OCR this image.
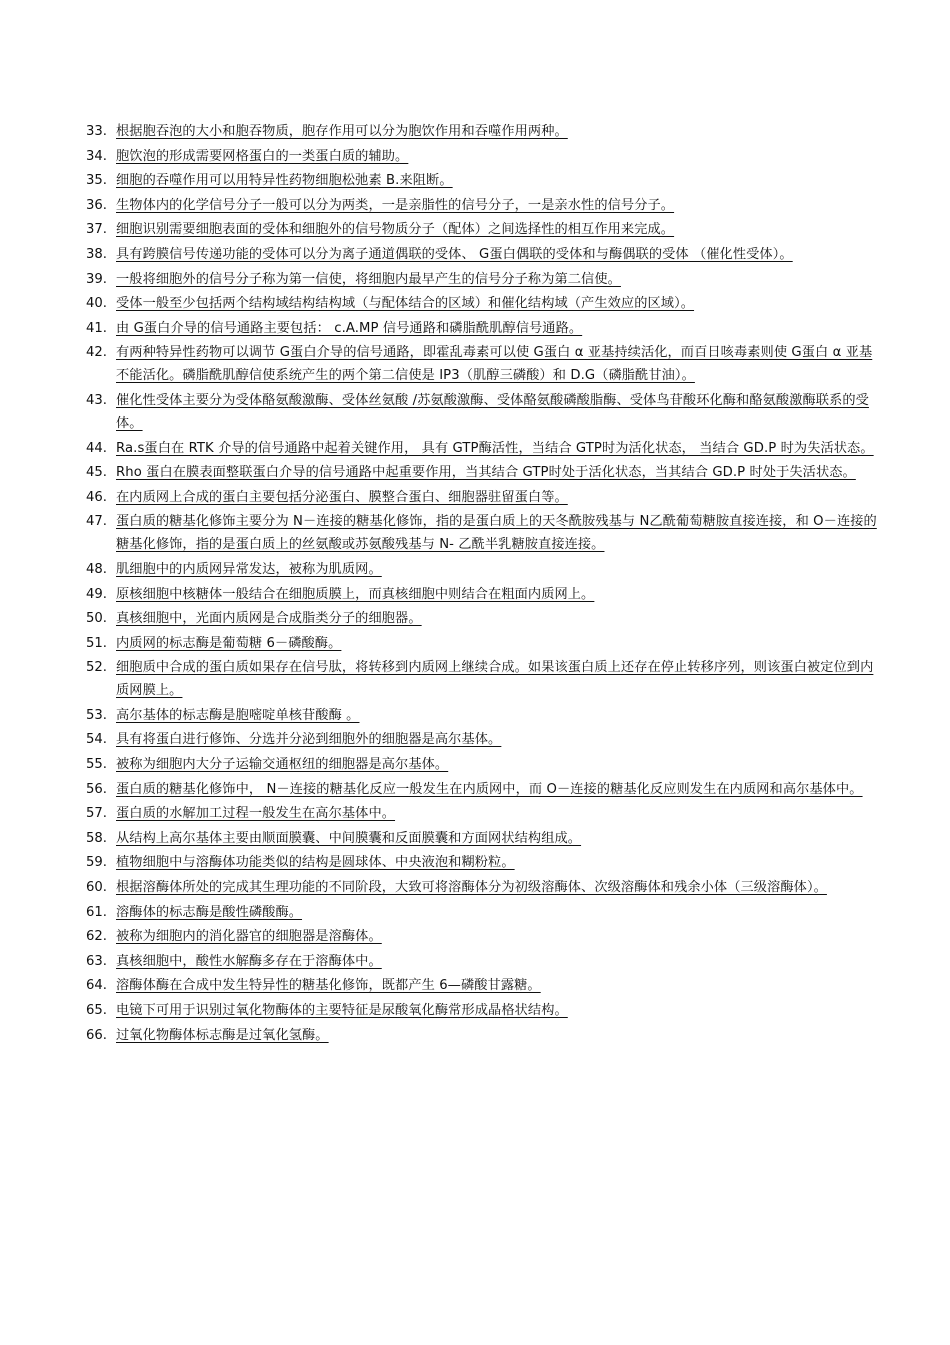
33. 根据胞吞泡的大小和胞吞物质，胞存作用可以分为胞饮作用和吞噬作用两种。
34. 胞饮泡的形成需要网格蛋白的一类蛋白质的辅助。
35. 细胞的吞噬作用可以用特异性药物细胞松弛素 B.来阻断。
36. 生物体内的化学信号分子一般可以分为两类，一是亲脂性的信号分子，一是亲水性的信号分子。
37. 细胞识别需要细胞表面的受体和细胞外的信号物质分子（配体）之间选择性的相互作用来完成。
38. 具有跨膜信号传递功能的受体可以分为离子通道偶联的受体、 G蛋白偶联的受体和与酶偶联的受体 （催化性受体）。
39. 一般将细胞外的信号分子称为第一信使，将细胞内最早产生的信号分子称为第二信使。
40. 受体一般至少包括两个结构域结构结构域（与配体结合的区域）和催化结构域（产生效应的区域）。
41. 由 G蛋白介导的信号通路主要包括： c.A.MP 信号通路和磷脂酰肌醇信号通路。
42. 有两种特异性药物可以调节 G蛋白介导的信号通路，即霍乱毒素可以使 G蛋白 α 亚基持续活化，而百日咳毒素则使 G蛋白 α 亚基不能活化。磷脂酰肌醇信使系统产生的两个第二信使是 IP3（肌醇三磷酸）和 D.G（磷脂酰甘油）。
43. 催化性受体主要分为受体酪氨酸激酶、受体丝氨酸 /苏氨酸激酶、受体酪氨酸磷酸脂酶、受体鸟苷酸环化酶和酪氨酸激酶联系的受体。
44. Ra.s蛋白在 RTK 介导的信号通路中起着关键作用， 具有 GTP酶活性，当结合 GTP时为活化状态， 当结合 GD.P 时为失活状态。
45. Rho 蛋白在膜表面整联蛋白介导的信号通路中起重要作用，当其结合 GTP时处于活化状态，当其结合 GD.P 时处于失活状态。
46. 在内质网上合成的蛋白主要包括分泌蛋白、膜整合蛋白、细胞器驻留蛋白等。
47. 蛋白质的糖基化修饰主要分为 N－连接的糖基化修饰，指的是蛋白质上的天冬酰胺残基与 N乙酰葡萄糖胺直接连接，和 O－连接的糖基化修饰，指的是蛋白质上的丝氨酸或苏氨酸残基与 N- 乙酰半乳糖胺直接连接。
48. 肌细胞中的内质网异常发达，被称为肌质网。
49. 原核细胞中核糖体一般结合在细胞质膜上，而真核细胞中则结合在粗面内质网上。
50. 真核细胞中，光面内质网是合成脂类分子的细胞器。
51. 内质网的标志酶是葡萄糖 6－磷酸酶。
52. 细胞质中合成的蛋白质如果存在信号肽，将转移到内质网上继续合成。如果该蛋白质上还存在停止转移序列，则该蛋白被定位到内质网膜上。
53. 高尔基体的标志酶是胞嘧啶单核苷酸酶 。
54. 具有将蛋白进行修饰、分选并分泌到细胞外的细胞器是高尔基体。
55. 被称为细胞内大分子运输交通枢纽的细胞器是高尔基体。
56. 蛋白质的糖基化修饰中， N－连接的糖基化反应一般发生在内质网中，而 O－连接的糖基化反应则发生在内质网和高尔基体中。
57. 蛋白质的水解加工过程一般发生在高尔基体中。
58. 从结构上高尔基体主要由顺面膜囊、中间膜囊和反面膜囊和方面网状结构组成。
59. 植物细胞中与溶酶体功能类似的结构是圆球体、中央液泡和糊粉粒。
60. 根据溶酶体所处的完成其生理功能的不同阶段，大致可将溶酶体分为初级溶酶体、次级溶酶体和残余小体（三级溶酶体）。
61. 溶酶体的标志酶是酸性磷酸酶。
62. 被称为细胞内的消化器官的细胞器是溶酶体。
63. 真核细胞中，酸性水解酶多存在于溶酶体中。
64. 溶酶体酶在合成中发生特异性的糖基化修饰，既都产生 6—磷酸甘露糖。
65. 电镜下可用于识别过氧化物酶体的主要特征是尿酸氧化酶常形成晶格状结构。
66. 过氧化物酶体标志酶是过氧化氢酶。
